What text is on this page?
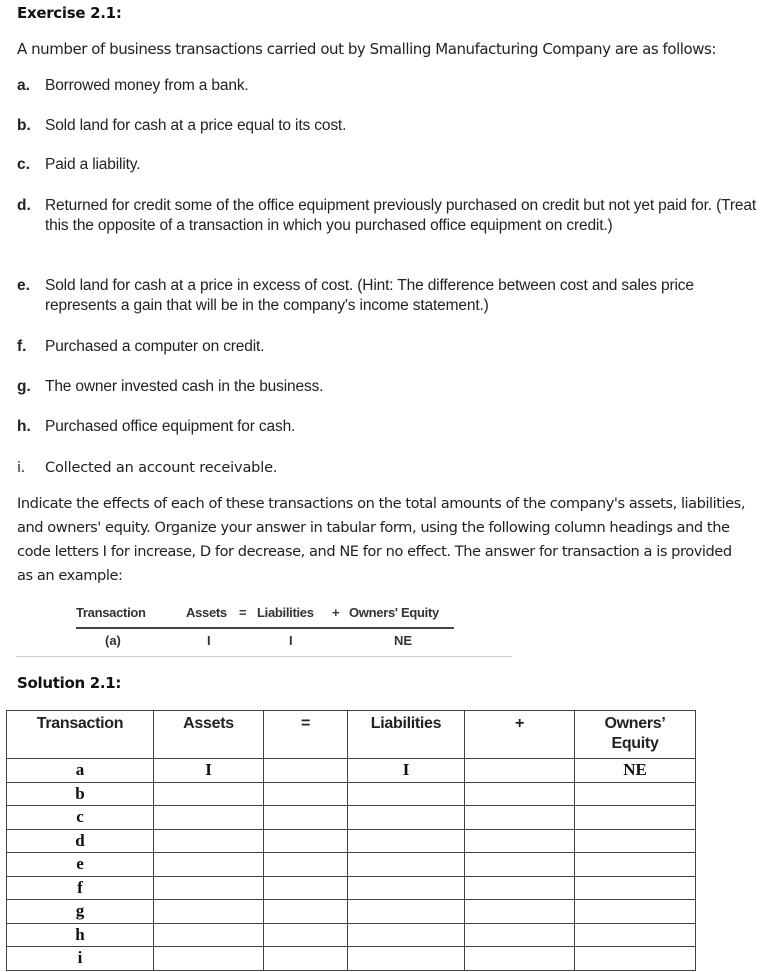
Exercise 2.1:
A number of business transactions carried out by Smalling Manufacturing Company are as follows:
a. Borrowed money from a bank.
b. Sold land for cash at a price equal to its cost.
c. Paid a liability.
d. Returned for credit some of the office equipment previously purchased on credit but not yet paid for. (Treat this the opposite of a transaction in which you purchased office equipment on credit.)
e. Sold land for cash at a price in excess of cost. (Hint: The difference between cost and sales price represents a gain that will be in the company's income statement.)
f. Purchased a computer on credit.
g. The owner invested cash in the business.
h. Purchased office equipment for cash.
i. Collected an account receivable.
Indicate the effects of each of these transactions on the total amounts of the company's assets, liabilities, and owners' equity. Organize your answer in tabular form, using the following column headings and the code letters I for increase, D for decrease, and NE for no effect. The answer for transaction a is provided as an example:
Transaction	Assets = Liabilities + Owners' Equity
(a)	I	I	NE
Solution 2.1:
Transaction	Assets	=	Liabilities	+	Owners’
Equity
a	I		I		NE
b					
c					
d					
e					
f					
g					
h					
i					
